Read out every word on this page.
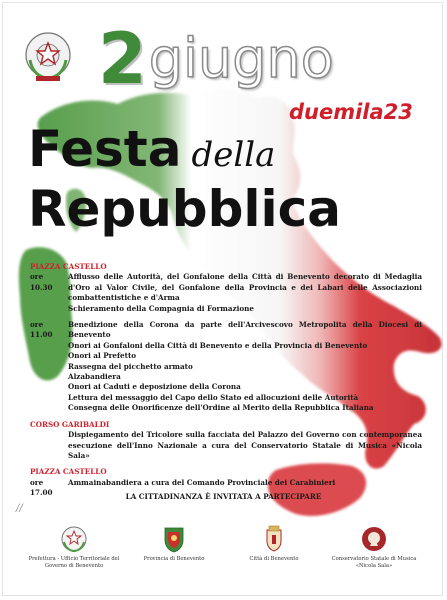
2giugno
duemila23
Festa della
Repubblica
PIAZZA CASTELLO
ore 10.30
Afflusso delle Autorità, del Gonfalone della Città di Benevento decorato di Medaglia d'Oro al Valor Civile, del Gonfalone della Provincia e dei Labari delle Associazioni combattentistiche e d'Arma
Schieramento della Compagnia di Formazione
ore 11.00
Benedizione della Corona da parte dell'Arcivescovo Metropolita della Diocesi di Benevento
Onori ai Gonfaloni della Città di Benevento e della Provincia di Benevento
Onori al Prefetto
Rassegna del picchetto armato
Alzabandiera
Onori ai Caduti e deposizione della Corona
Lettura del messaggio del Capo dello Stato ed allocuzioni delle Autorità
Consegna delle Onorificenze dell'Ordine al Merito della Repubblica Italiana
CORSO GARIBALDI
Dispiegamento del Tricolore sulla facciata del Palazzo del Governo con contemporanea esecuzione dell'Inno Nazionale a cura del Conservatorio Statale di Musica «Nicola Sala»
PIAZZA CASTELLO
ore 17.00
Ammainabandiera a cura del Comando Provinciale dei Carabinieri
LA CITTADINANZA È INVITATA A PARTECIPARE
//
Prefettura - Ufficio Territoriale del Governo di Benevento
Provincia di Benevento	Città di Benevento	Conservatorio Statale di Musica «Nicola Sala»
